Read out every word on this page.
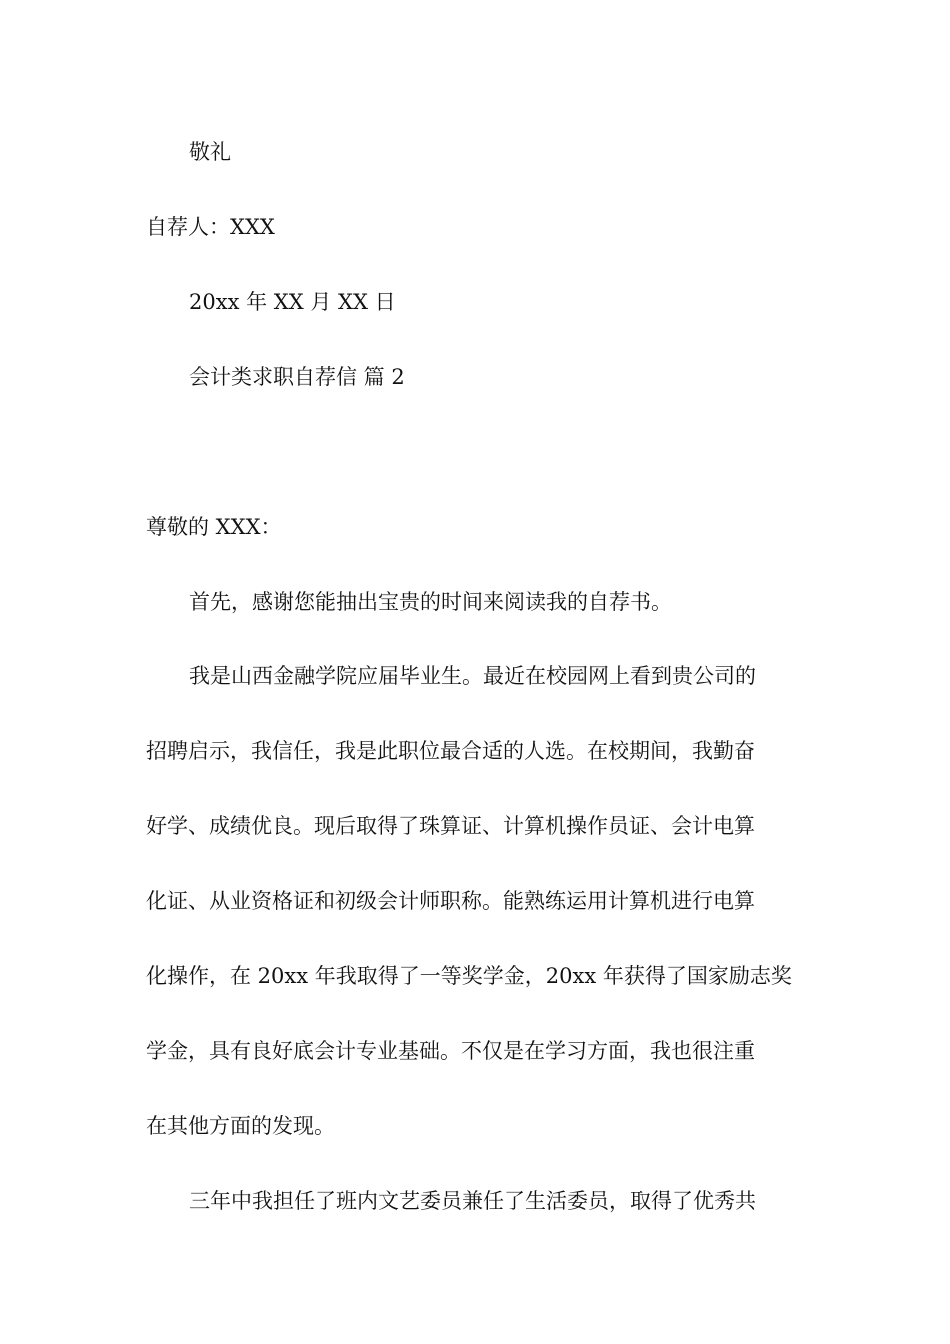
敬礼
自荐人：XXX
20xx 年 XX 月 XX 日
会计类求职自荐信 篇 2
尊敬的 XXX：
首先，感谢您能抽出宝贵的时间来阅读我的自荐书。
我是山西金融学院应届毕业生。最近在校园网上看到贵公司的
招聘启示，我信任，我是此职位最合适的人选。在校期间，我勤奋
好学、成绩优良。现后取得了珠算证、计算机操作员证、会计电算
化证、从业资格证和初级会计师职称。能熟练运用计算机进行电算
化操作，在 20xx 年我取得了一等奖学金，20xx 年获得了国家励志奖
学金，具有良好底会计专业基础。不仅是在学习方面，我也很注重
在其他方面的发现。
三年中我担任了班内文艺委员兼任了生活委员，取得了优秀共
